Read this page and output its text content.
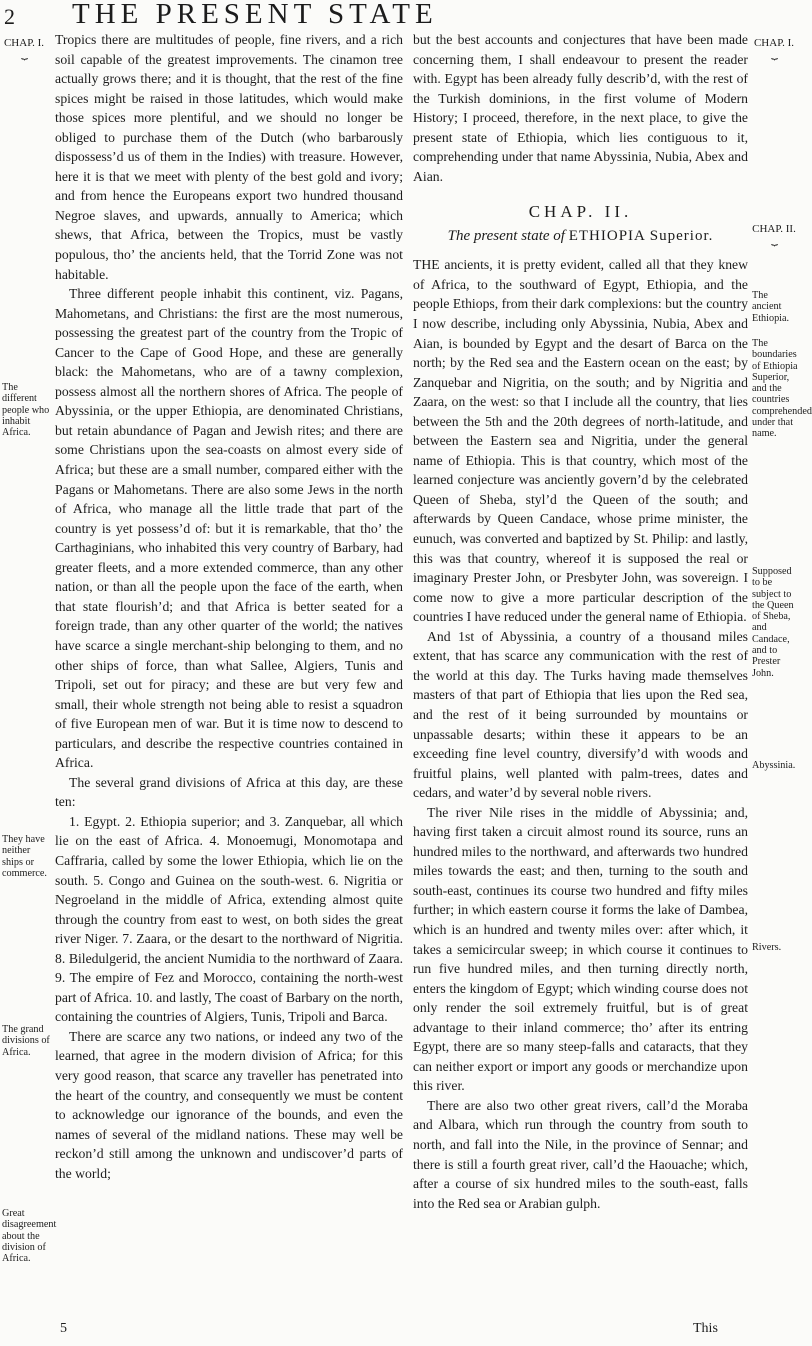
2 THE PRESENT STATE
CHAP. I.
⏟
CHAP. I.
⏟
CHAP. II.
⏟

Tropics there are multitudes of people, fine rivers, and a rich soil capable of the greatest improvements. The cinamon tree actually grows there; and it is thought, that the rest of the fine spices might be raised in those latitudes, which would make those spices more plentiful, and we should no longer be obliged to purchase them of the Dutch (who barbarously dispossess’d us of them in the Indies) with treasure. However, here it is that we meet with plenty of the best gold and ivory; and from hence the Europeans export two hundred thousand Negroe slaves, and upwards, annually to America; which shews, that Africa, between the Tropics, must be vastly populous, tho’ the ancients held, that the Torrid Zone was not habitable.

Three different people inhabit this continent, viz. Pagans, Mahometans, and Christians: the first are the most numerous, possessing the greatest part of the country from the Tropic of Cancer to the Cape of Good Hope, and these are generally black: the Mahometans, who are of a tawny complexion, possess almost all the northern shores of Africa. The people of Abyssinia, or the upper Ethiopia, are denominated Christians, but retain abundance of Pagan and Jewish rites; and there are some Christians upon the sea-coasts on almost every side of Africa; but these are a small number, compared either with the Pagans or Mahometans. There are also some Jews in the north of Africa, who manage all the little trade that part of the country is yet possess’d of: but it is remarkable, that tho’ the Carthaginians, who inhabited this very country of Barbary, had greater fleets, and a more extended commerce, than any other nation, or than all the people upon the face of the earth, when that state flourish’d; and that Africa is better seated for a foreign trade, than any other quarter of the world; the natives have scarce a single merchant-ship belonging to them, and no other ships of force, than what Sallee, Algiers, Tunis and Tripoli, set out for piracy; and these are but very few and small, their whole strength not being able to resist a squadron of five European men of war. But it is time now to descend to particulars, and describe the respective countries contained in Africa.

The several grand divisions of Africa at this day, are these ten:

1. Egypt. 2. Ethiopia superior; and 3. Zanquebar, all which lie on the east of Africa. 4. Monoemugi, Monomotapa and Caffraria, called by some the lower Ethiopia, which lie on the south. 5. Congo and Guinea on the south-west. 6. Nigritia or Negroeland in the middle of Africa, extending almost quite through the country from east to west, on both sides the great river Niger. 7. Zaara, or the desart to the northward of Nigritia. 8. Biledulgerid, the ancient Numidia to the northward of Zaara. 9. The empire of Fez and Morocco, containing the north-west part of Africa. 10. and lastly, The coast of Barbary on the north, containing the countries of Algiers, Tunis, Tripoli and Barca.

There are scarce any two nations, or indeed any two of the learned, that agree in the modern division of Africa; for this very good reason, that scarce any traveller has penetrated into the heart of the country, and consequently we must be content to acknowledge our ignorance of the bounds, and even the names of several of the midland nations. These may well be reckon’d still among the unknown and undiscover’d parts of the world;

but the best accounts and conjectures that have been made concerning them, I shall endeavour to present the reader with. Egypt has been already fully describ’d, with the rest of the Turkish dominions, in the first volume of Modern History; I proceed, therefore, in the next place, to give the present state of Ethiopia, which lies contiguous to it, comprehending under that name Abyssinia, Nubia, Abex and Aian.

CHAP. II.
The present state of ETHIOPIA Superior.

THE ancients, it is pretty evident, called all that they knew of Africa, to the southward of Egypt, Ethiopia, and the people Ethiops, from their dark complexions: but the country I now describe, including only Abyssinia, Nubia, Abex and Aian, is bounded by Egypt and the desart of Barca on the north; by the Red sea and the Eastern ocean on the east; by Zanquebar and Nigritia, on the south; and by Nigritia and Zaara, on the west: so that I include all the country, that lies between the 5th and the 20th degrees of north-latitude, and between the Eastern sea and Nigritia, under the general name of Ethiopia. This is that country, which most of the learned conjecture was anciently govern’d by the celebrated Queen of Sheba, styl’d the Queen of the south; and afterwards by Queen Candace, whose prime minister, the eunuch, was converted and baptized by St. Philip: and lastly, this was that country, whereof it is supposed the real or imaginary Prester John, or Presbyter John, was sovereign. I come now to give a more particular description of the countries I have reduced under the general name of Ethiopia.

And 1st of Abyssinia, a country of a thousand miles extent, that has scarce any communication with the rest of the world at this day. The Turks having made themselves masters of that part of Ethiopia that lies upon the Red sea, and the rest of it being surrounded by mountains or unpassable desarts; within these it appears to be an exceeding fine level country, diversify’d with woods and fruitful plains, well planted with palm-trees, dates and cedars, and water’d by several noble rivers.

The river Nile rises in the middle of Abyssinia; and, having first taken a circuit almost round its source, runs an hundred miles to the northward, and afterwards two hundred miles towards the east; and then, turning to the south and south-east, continues its course two hundred and fifty miles further; in which eastern course it forms the lake of Dambea, which is an hundred and twenty miles over: after which, it takes a semicircular sweep; in which course it continues to run five hundred miles, and then turning directly north, enters the kingdom of Egypt; which winding course does not only render the soil extremely fruitful, but is of great advantage to their inland commerce; tho’ after its entring Egypt, there are so many steep-falls and cataracts, that they can neither export or import any goods or merchandize upon this river.

There are also two other great rivers, call’d the Moraba and Albara, which run through the country from south to north, and fall into the Nile, in the province of Sennar; and there is still a fourth great river, call’d the Haouache; which, after a course of six hundred miles to the south-east, falls into the Red sea or Arabian gulph.

The different people who inhabit Africa.
They have neither ships or commerce.
The grand divisions of Africa.
Great disagreement about the division of Africa.
The ancient Ethiopia.
The boundaries of Ethiopia Superior, and the countries comprehended under that name.
Supposed to be subject to the Queen of Sheba, and Candace, and to Prester John.
Abyssinia.
Rivers.
5	This
